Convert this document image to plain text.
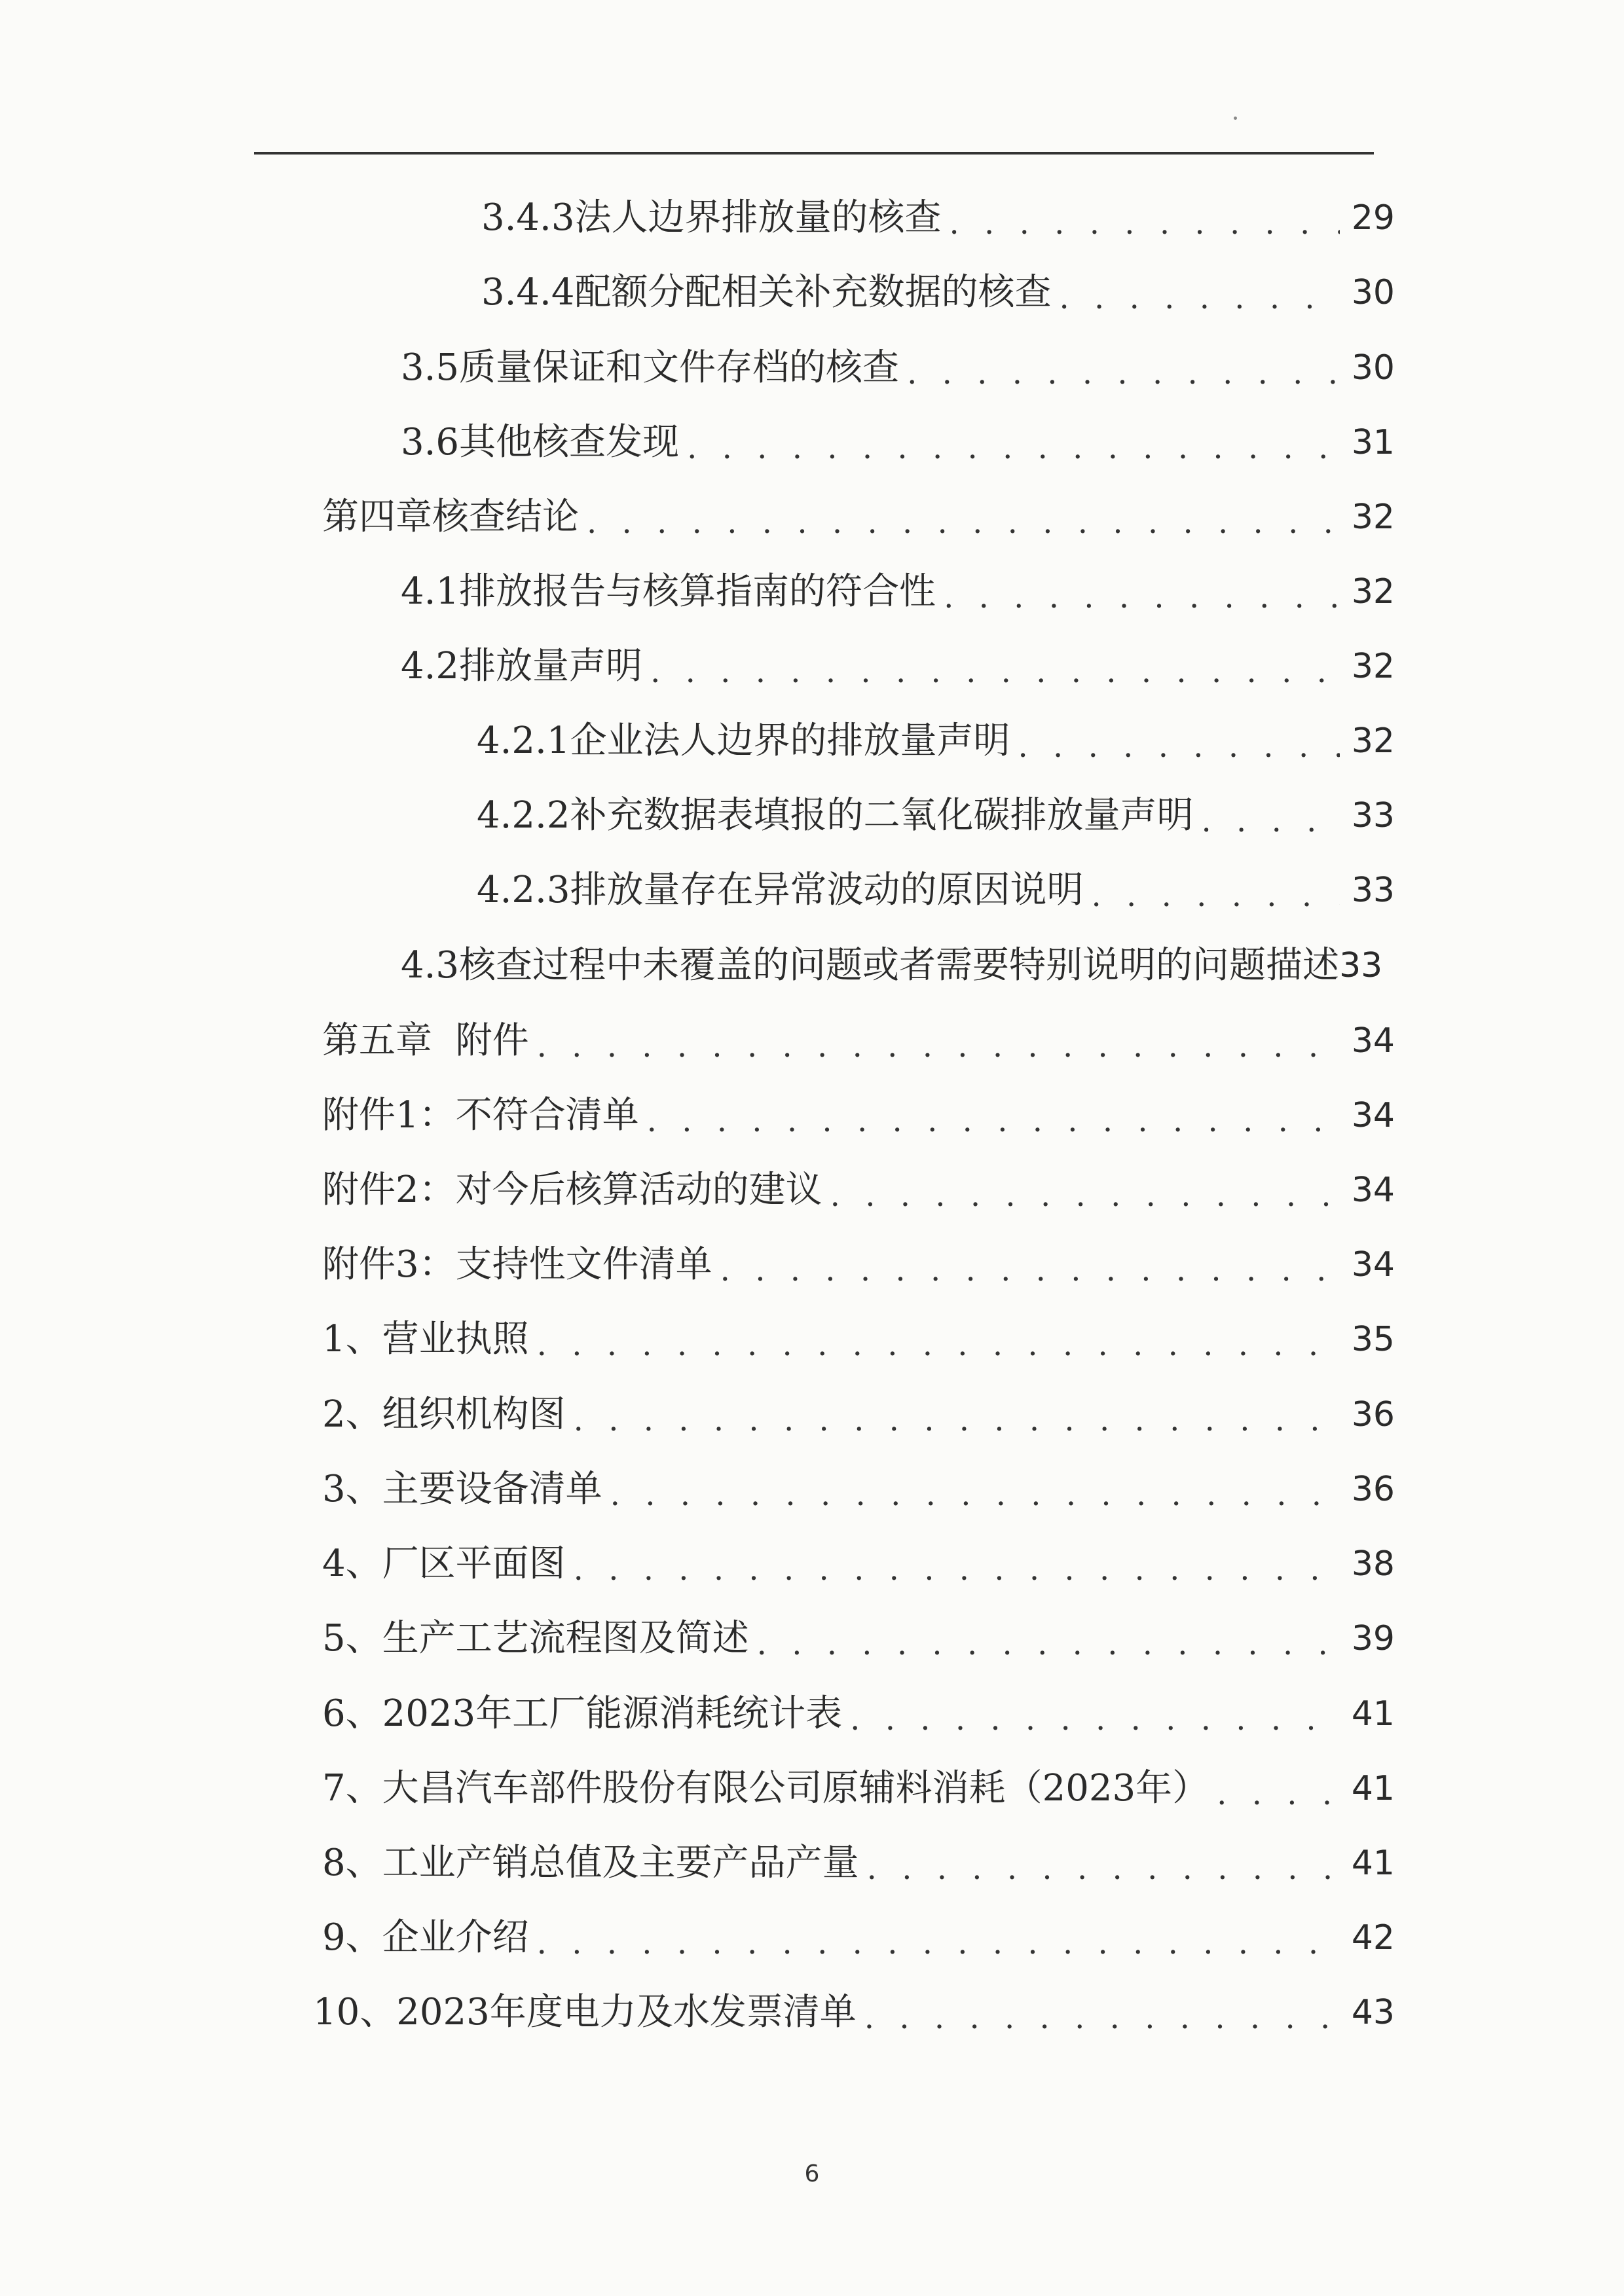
3.4.3法人边界排放量的核查 . . .	29
3.4.4配额分配相关补充数据的核查 . . .	30
3.5质量保证和文件存档的核查 . . .	30
3.6其他核查发现 . . .	31
第四章核查结论 . . .	32
4.1排放报告与核算指南的符合性 . . .	32
4.2排放量声明 . . .	32
4.2.1企业法人边界的排放量声明 . . .	32
4.2.2补充数据表填报的二氧化碳排放量声明 . . .	33
4.2.3排放量存在异常波动的原因说明 . . .	33
4.3核查过程中未覆盖的问题或者需要特别说明的问题描述 33
第五章  附件 . . .	34
附件1：不符合清单 . . .	34
附件2：对今后核算活动的建议 . . .	34
附件3：支持性文件清单 . . .	34
1、营业执照 . . .	35
2、组织机构图 . . .	36
3、主要设备清单 . . .	36
4、厂区平面图 . . .	38
5、生产工艺流程图及简述 . . .	39
6、2023年工厂能源消耗统计表 . . .	41
7、大昌汽车部件股份有限公司原辅料消耗（2023年） . . .	41
8、工业产销总值及主要产品产量 . . .	41
9、企业介绍 . . .	42
10、2023年度电力及水发票清单 . . .	43
6
